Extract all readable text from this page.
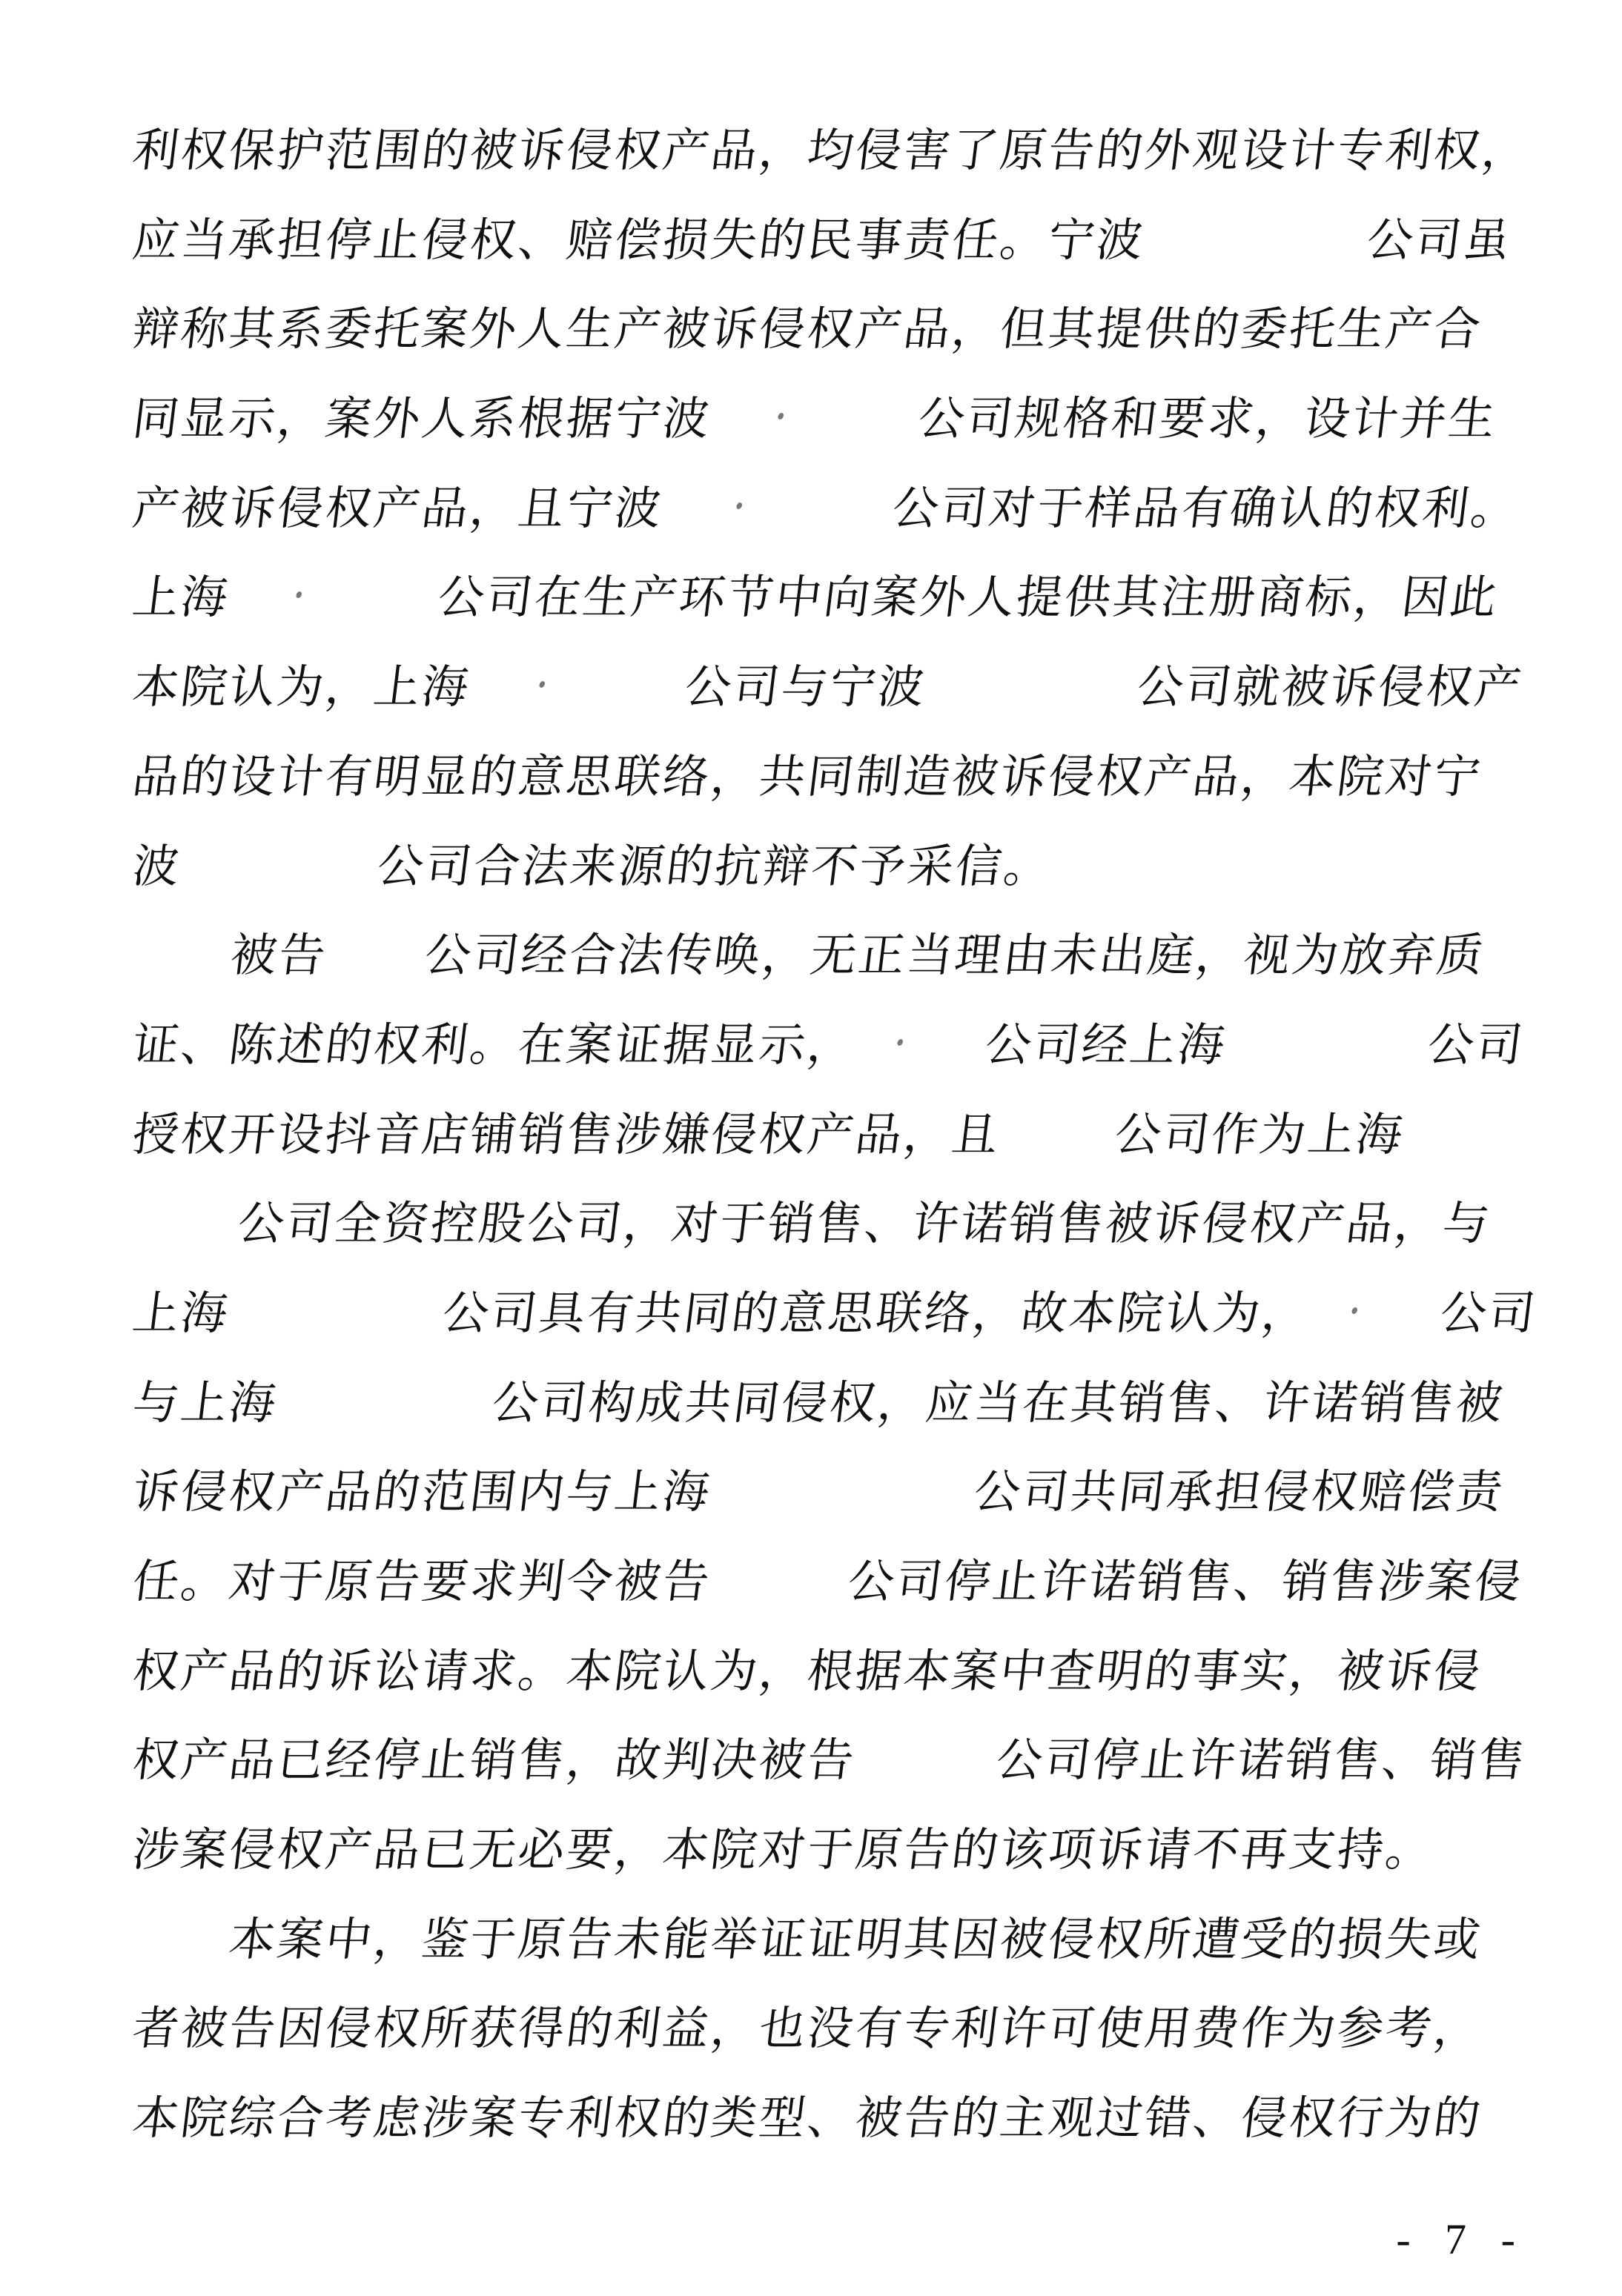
利权保护范围的被诉侵权产品，均侵害了原告的外观设计专利权，
应当承担停止侵权、赔偿损失的民事责任。宁波	公司虽
辩称其系委托案外人生产被诉侵权产品，但其提供的委托生产合
同显示，案外人系根据宁波	公司规格和要求，设计并生
产被诉侵权产品，且宁波	公司对于样品有确认的权利。
上海	公司在生产环节中向案外人提供其注册商标，因此
本院认为，上海	公司与宁波	公司就被诉侵权产
品的设计有明显的意思联络，共同制造被诉侵权产品，本院对宁
波	公司合法来源的抗辩不予采信。
被告 公司经合法传唤，无正当理由未出庭，视为放弃质
证、陈述的权利。在案证据显示，	公司经上海	公司
授权开设抖音店铺销售涉嫌侵权产品，且 公司作为上海
公司全资控股公司，对于销售、许诺销售被诉侵权产品，与
上海	公司具有共同的意思联络，故本院认为，	公司
与上海	公司构成共同侵权，应当在其销售、许诺销售被
诉侵权产品的范围内与上海	公司共同承担侵权赔偿责
任。对于原告要求判令被告	公司停止许诺销售、销售涉案侵
权产品的诉讼请求。本院认为，根据本案中查明的事实，被诉侵
权产品已经停止销售，故判决被告	公司停止许诺销售、销售
涉案侵权产品已无必要，本院对于原告的该项诉请不再支持。
本案中，鉴于原告未能举证证明其因被侵权所遭受的损失或
者被告因侵权所获得的利益，也没有专利许可使用费作为参考，
本院综合考虑涉案专利权的类型、被告的主观过错、侵权行为的
- 7 -
